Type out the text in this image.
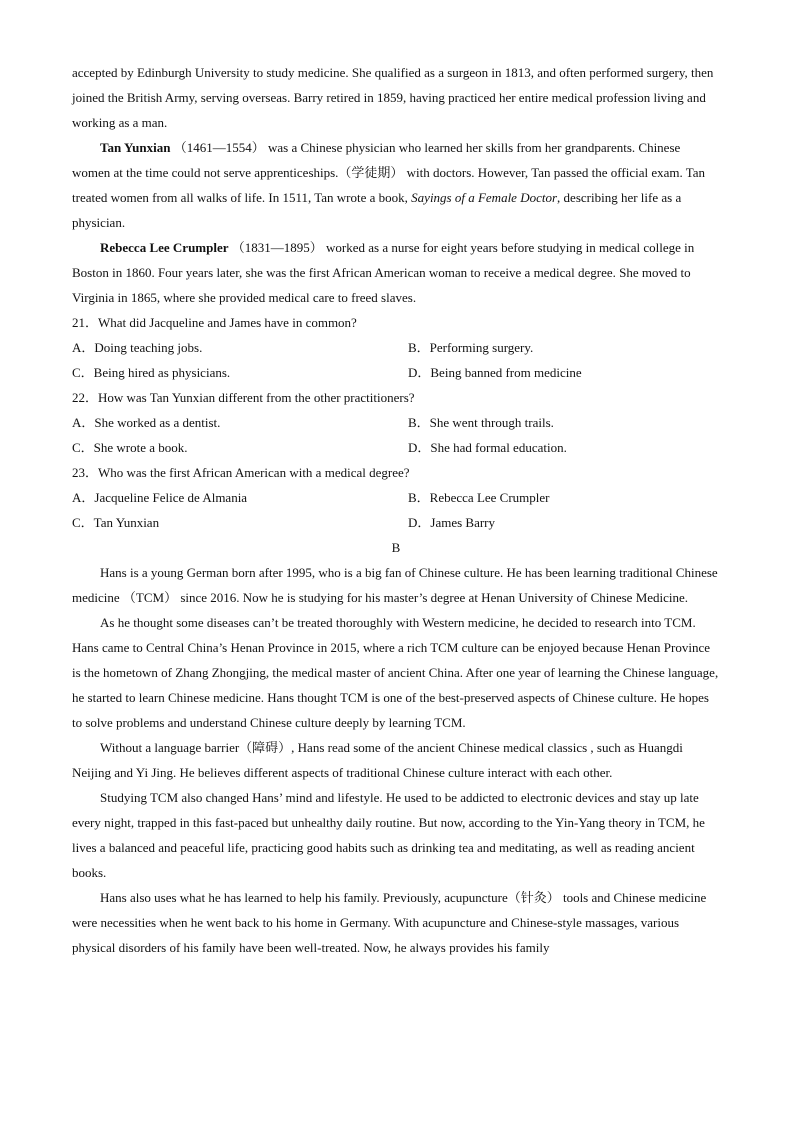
accepted by Edinburgh University to study medicine. She qualified as a surgeon in 1813, and often performed surgery, then joined the British Army, serving overseas. Barry retired in 1859, having practiced her entire medical profession living and working as a man.

Tan Yunxian （1461—1554） was a Chinese physician who learned her skills from her grandparents. Chinese women at the time could not serve apprenticeships.（学徒期） with doctors. However, Tan passed the official exam. Tan treated women from all walks of life. In 1511, Tan wrote a book, Sayings of a Female Doctor, describing her life as a physician.

Rebecca Lee Crumpler （1831—1895） worked as a nurse for eight years before studying in medical college in Boston in 1860. Four years later, she was the first African American woman to receive a medical degree. She moved to Virginia in 1865, where she provided medical care to freed slaves.

21．What did Jacqueline and James have in common?

A．Doing teaching jobs.	B．Performing surgery.

C．Being hired as physicians.	D．Being banned from medicine

22．How was Tan Yunxian different from the other practitioners?

A．She worked as a dentist.	B．She went through trails.

C．She wrote a book.	D．She had formal education.

23．Who was the first African American with a medical degree?

A．Jacqueline Felice de Almania	B．Rebecca Lee Crumpler

C．Tan Yunxian	D．James Barry

B

Hans is a young German born after 1995, who is a big fan of Chinese culture. He has been learning traditional Chinese medicine （TCM） since 2016. Now he is studying for his master’s degree at Henan University of Chinese Medicine.

As he thought some diseases can’t be treated thoroughly with Western medicine, he decided to research into TCM. Hans came to Central China’s Henan Province in 2015, where a rich TCM culture can be enjoyed because Henan Province is the hometown of Zhang Zhongjing, the medical master of ancient China. After one year of learning the Chinese language, he started to learn Chinese medicine. Hans thought TCM is one of the best-preserved aspects of Chinese culture. He hopes to solve problems and understand Chinese culture deeply by learning TCM.

Without a language barrier（障碍）, Hans read some of the ancient Chinese medical classics , such as Huangdi Neijing and Yi Jing. He believes different aspects of traditional Chinese culture interact with each other.

Studying TCM also changed Hans’ mind and lifestyle. He used to be addicted to electronic devices and stay up late every night, trapped in this fast-paced but unhealthy daily routine. But now, according to the Yin-Yang theory in TCM, he lives a balanced and peaceful life, practicing good habits such as drinking tea and meditating, as well as reading ancient books.

Hans also uses what he has learned to help his family. Previously, acupuncture（针灸） tools and Chinese medicine were necessities when he went back to his home in Germany. With acupuncture and Chinese-style massages, various physical disorders of his family have been well-treated. Now, he always provides his family
